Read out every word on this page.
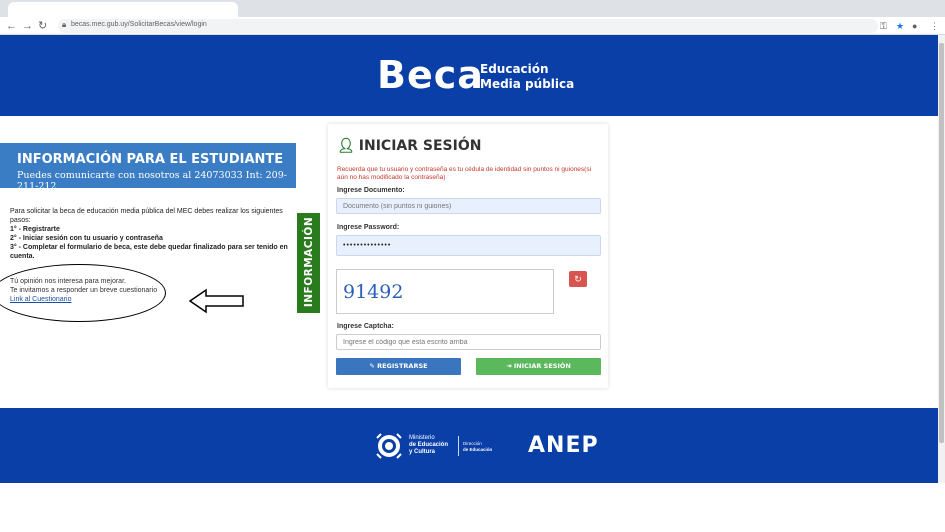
← → ↻ 🔒︎ becas.mec.gub.uy/SolicitarBecas/view/login	⚿ ★ ● ⋮
Beca
Educación
Media pública
INFORMACIÓN PARA EL ESTUDIANTE
Puedes comunicarte con nosotros al 24073033 Int: 209-211-212
Para solicitar la beca de educación media pública del MEC debes realizar los siguientes pasos:
1° - Registrarte
2° - Iniciar sesión con tu usuario y contraseña
3° - Completar el formulario de beca, este debe quedar finalizado para ser tenido en cuenta.
Tú opinión nos interesa para mejorar.
Te invitamos a responder un breve cuestionario
Link al Cuestionario	INFORMACIÓN
👤︎ INICIAR SESIÓN
Recuerda que tu usuario y contraseña es tu cédula de identidad sin puntos ni guiones(si aún no has modificado la contraseña)
Ingrese Documento:
Documento (sin puntos ni guiones)
Ingrese Password:
••••••••••••••
91492
↻
Ingrese Captcha:
Ingrese el código que esta escrito arriba
✎ REGISTRARSE	⇥ INICIAR SESIÓN
Ministerio
de Educación
y Cultura
Dirección
de Educación ANEP
